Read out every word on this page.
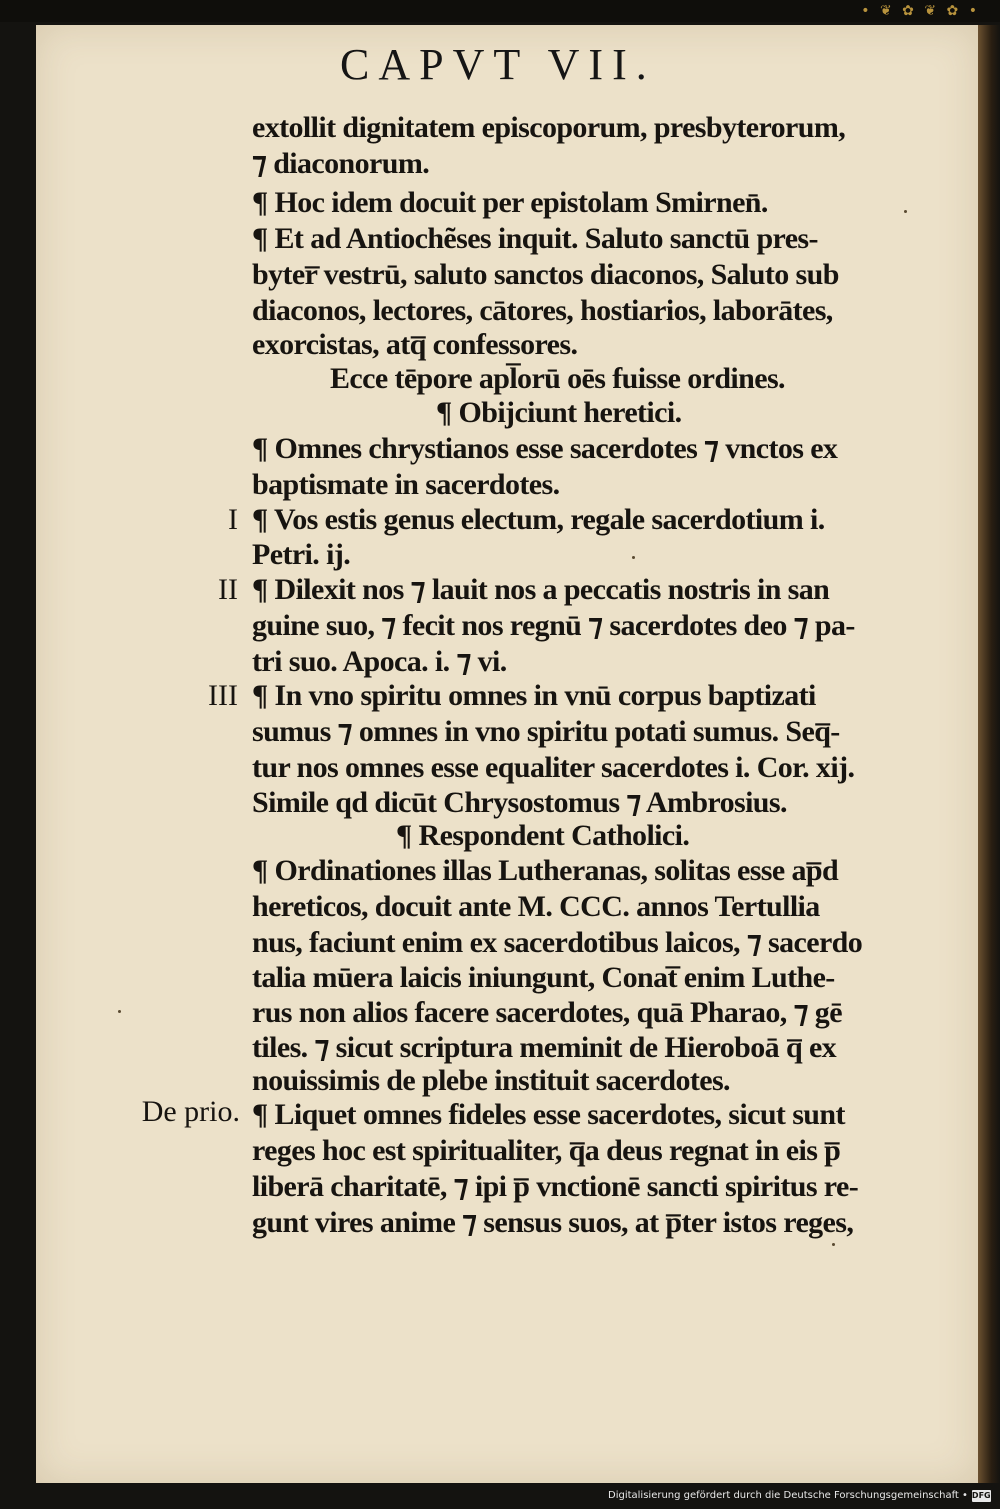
• ❦ ✿ ❦ ✿ •
CAPVT VII.
extollit dignitatem episcoporum, presbyterorum,
⁊ diaconorum.
¶ Hoc idem docuit per epistolam Smirnen̄.
¶ Et ad Antiochẽses inquit. Saluto sanctū pres‐
byter̅ vestrū, saluto sanctos diaconos, Saluto sub
diaconos, lectores, cātores, hostiarios, laborātes,
exorcistas, atq̅ confessores.
Ecce tēpore apl̅orū oēs fuisse ordines.
¶ Obijciunt heretici.
¶ Omnes chrystianos esse sacerdotes ⁊ vnctos ex
baptismate in sacerdotes.
¶ Vos estis genus electum, regale sacerdotium i.
Petri. ij.
¶ Dilexit nos ⁊ lauit nos a peccatis nostris in san
guine suo, ⁊ fecit nos regnū ⁊ sacerdotes deo ⁊ pa‐
tri suo. Apoca. i. ⁊ vi.
¶ In vno spiritu omnes in vnū corpus baptizati
sumus ⁊ omnes in vno spiritu potati sumus. Seq̅‐
tur nos omnes esse equaliter sacerdotes i. Cor. xij.
Simile qd dicūt Chrysostomus ⁊ Ambrosius.
¶ Respondent Catholici.
¶ Ordinationes illas Lutheranas, solitas esse ap̅d
hereticos, docuit ante M. CCC. annos Tertullia
nus, faciunt enim ex sacerdotibus laicos, ⁊ sacerdo
talia mūera laicis iniungunt, Conat̅ enim Luthe‐
rus non alios facere sacerdotes, quā Pharao, ⁊ gē
tiles. ⁊ sicut scriptura meminit de Hieroboā q̅ ex
nouissimis de plebe instituit sacerdotes.
¶ Liquet omnes fideles esse sacerdotes, sicut sunt
reges hoc est spiritualiter, q̅a deus regnat in eis p̅
liberā charitatē, ⁊ ipi p̅ vnctionē sancti spiritus re‐
gunt vires anime ⁊ sensus suos, at p̅ter istos reges,
I
II
III
De prio.
Digitalisierung gefördert durch die Deutsche Forschungsgemeinschaft • DFG
